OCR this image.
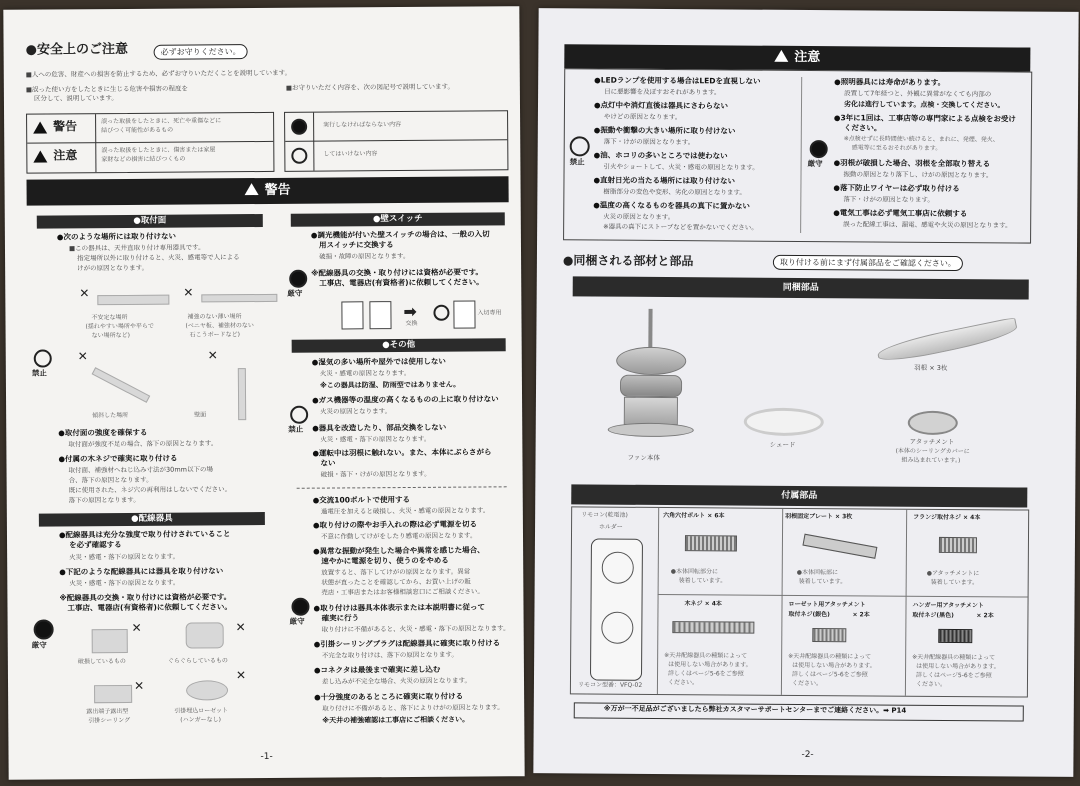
●安全上のご注意	必ずお守りください。
■人への危害、財産への損害を防止するため、必ずお守りいただくことを説明しています。
■誤った使い方をしたときに生じる危害や損害の程度を
区分して、説明しています。
■お守りいただく内容を、次の図記号で説明しています。
警告	誤った取扱をしたときに、死亡や重傷などに
結びつく可能性があるもの
注意	誤った取扱をしたときに、傷害または家屋
家財などの損害に結びつくもの
実行しなければならない内容
してはいけない内容
警告
●取付面
●次のような場所には取り付けない
■この器具は、天井直取り付け専用器具です。
指定場所以外に取り付けると、火災、感電等で人による
けがの原因となります。
✕	✕
不安定な場所
(揺れやすい場所や平らで
ない場所など)
補強のない薄い場所
(ベニヤ板、補強材のない
石こうボードなど)
禁止
✕	✕
傾斜した場所	壁面
●取付面の強度を確保する
取付面が強度不足の場合、落下の原因となります。
●付属の木ネジで確実に取り付ける
取付面、補強材へねじ込み寸法が30mm以下の場
合、落下の原因となります。
既に使用された、ネジ穴の再利用はしないでください。
落下の原因となります。
●配線器具
●配線器具は充分な強度で取り付けされていること
を必ず確認する
火災・感電・落下の原因となります。
●下記のような配線器具には器具を取り付けない
火災・感電・落下の原因となります。
※配線器具の交換・取り付けには資格が必要です。
工事店、電器店(有資格者)に依頼してください。
厳守
✕	✕
破損しているもの	ぐらぐらしているもの
✕
✕
露出端子露出型
引掛シーリング
引掛埋込ローゼット
(ハンガーなし)
●壁スイッチ
●調光機能が付いた壁スイッチの場合は、一般の入切
用スイッチに交換する
破損・故障の原因となります。
厳守
※配線器具の交換・取り付けには資格が必要です。
工事店、電器店(有資格者)に依頼してください。
➡
交換
入切専用
●その他
●湿気の多い場所や屋外では使用しない
火災・感電の原因となります。
※この器具は防湿、防雨型ではありません。
●ガス機器等の温度の高くなるものの上に取り付けない
火災の原因となります。
禁止 ●器具を改造したり、部品交換をしない
火災・感電・落下の原因となります。
●運転中は羽根に触れない。また、本体にぶらさがら
ない
破損・落下・けがの原因となります。
●交流100ボルトで使用する
過電圧を加えると破損し、火災・感電の原因となります。
●取り付けの際やお手入れの際は必ず電源を切る
不意に作動してけがをしたり感電の原因となります。
●異常な振動が発生した場合や異常を感じた場合、
速やかに電源を切り、使うのをやめる
放置すると、落下してけがの原因となります。異常
状態が直ったことを確認してから、お買い上げの販
売店・工事店またはお客様相談窓口にご相談ください。
厳守
●取り付けは器具本体表示または本説明書に従って
確実に行う
取り付けに不備があると、火災・感電・落下の原因となります。
●引掛シーリングプラグは配線器具に確実に取り付ける
不完全な取り付けは、落下の原因となります。
●コネクタは最後まで確実に差し込む
差し込みが不完全な場合、火災の原因となります。
●十分強度のあるところに確実に取り付ける
取り付けに不備があると、落下によりけがの原因となります。
※天井の補強確認は工事店にご相談ください。
-1-
注意
●LEDランプを使用する場合はLEDを直視しない
目に悪影響を及ぼすおそれがあります。
●点灯中や消灯直後は器具にさわらない
やけどの原因となります。
●振動や衝撃の大きい場所に取り付けない
落下・けがの原因となります。
禁止
●油、ホコリの多いところでは使わない
引火やショートして、火災・感電の原因となります。
●直射日光の当たる場所には取り付けない
樹脂部分の変色や変形、劣化の原因となります。
●温度の高くなるものを器具の真下に置かない
火災の原因となります。
※器具の真下にストーブなどを置かないでください。
●照明器具には寿命があります。
設置して7年経つと、外観に異常がなくても内部の
劣化は進行しています。点検・交換してください。
●3年に1回は、工事店等の専門家による点検をお受け
ください。
※点検せずに長時間使い続けると、まれに、発煙、発火、
感電等に至るおそれがあります。
厳守 ●羽根が破損した場合、羽根を全部取り替える
振動の原因となり落下し、けがの原因となります。
●落下防止ワイヤーは必ず取り付ける
落下・けがの原因となります。
●電気工事は必ず電気工事店に依頼する
誤った配線工事は、漏電、感電や火災の原因となります。
●同梱される部材と部品	取り付ける前にまず付属部品をご確認ください。
同梱部品
ファン本体
シェード
羽根 × 3枚
アタッチメント
(本体のシーリングカバーに
組み込まれています。)
付属部品
リモコン(乾電池)
ホルダー
リモコン型番：VFQ-02
六角穴付ボルト × 6本
●本体回転部分に
装着しています。
羽根固定プレート × 3枚
●本体回転部に
装着しています。
フランジ取付ネジ × 4本
●アタッチメントに
装着しています。
木ネジ × 4本
※天井配線器具の種類によって
は使用しない場合があります。
詳しくはページ5-6をご参照
ください。
ローゼット用アタッチメント
取付ネジ(銀色)	× 2本
※天井配線器具の種類によって
は使用しない場合があります。
詳しくはページ5-6をご参照
ください。
ハンガー用アタッチメント
取付ネジ(黒色)	× 2本
※天井配線器具の種類によって
は使用しない場合があります。
詳しくはページ5-6をご参照
ください。
※万が一不足品がございましたら弊社カスタマーサポートセンターまでご連絡ください。➡ P14
-2-
